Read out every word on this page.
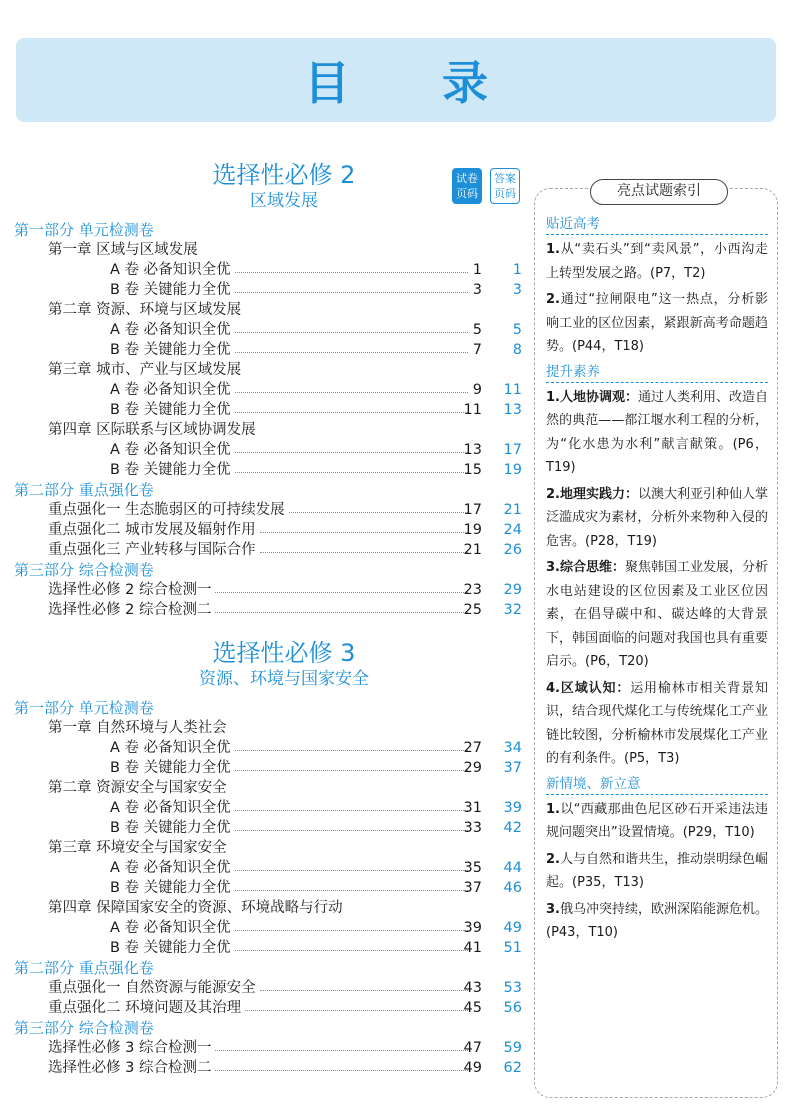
目 录
试卷页码
答案页码
选择性必修 2
区域发展
第一部分 单元检测卷
第一章 区域与区域发展
A 卷 必备知识全优	1	1
B 卷 关键能力全优	3	3
第二章 资源、环境与区域发展
A 卷 必备知识全优	5	5
B 卷 关键能力全优	7	8
第三章 城市、产业与区域发展
A 卷 必备知识全优	9	11
B 卷 关键能力全优	11	13
第四章 区际联系与区域协调发展
A 卷 必备知识全优	13	17
B 卷 关键能力全优	15	19
第二部分 重点强化卷
重点强化一 生态脆弱区的可持续发展	17	21
重点强化二 城市发展及辐射作用	19	24
重点强化三 产业转移与国际合作	21	26
第三部分 综合检测卷
选择性必修 2 综合检测一	23	29
选择性必修 2 综合检测二	25	32
选择性必修 3
资源、环境与国家安全
第一部分 单元检测卷
第一章 自然环境与人类社会
A 卷 必备知识全优	27	34
B 卷 关键能力全优	29	37
第二章 资源安全与国家安全
A 卷 必备知识全优	31	39
B 卷 关键能力全优	33	42
第三章 环境安全与国家安全
A 卷 必备知识全优	35	44
B 卷 关键能力全优	37	46
第四章 保障国家安全的资源、环境战略与行动
A 卷 必备知识全优	39	49
B 卷 关键能力全优	41	51
第二部分 重点强化卷
重点强化一 自然资源与能源安全	43	53
重点强化二 环境问题及其治理	45	56
第三部分 综合检测卷
选择性必修 3 综合检测一	47	59
选择性必修 3 综合检测二	49	62
亮点试题索引
贴近高考
1.从“卖石头”到“卖风景”，小西沟走上转型发展之路。(P7，T2)
2.通过“拉闸限电”这一热点，分析影响工业的区位因素，紧跟新高考命题趋势。(P44，T18)
提升素养
1.人地协调观：通过人类利用、改造自然的典范——都江堰水利工程的分析，为“化水患为水利”献言献策。(P6，T19)
2.地理实践力：以澳大利亚引种仙人掌泛滥成灾为素材，分析外来物种入侵的危害。(P28，T19)
3.综合思维：聚焦韩国工业发展，分析水电站建设的区位因素及工业区位因素，在倡导碳中和、碳达峰的大背景下，韩国面临的问题对我国也具有重要启示。(P6，T20)
4.区域认知：运用榆林市相关背景知识，结合现代煤化工与传统煤化工产业链比较图，分析榆林市发展煤化工产业的有利条件。(P5，T3)
新情境、新立意
1.以“西藏那曲色尼区砂石开采违法违规问题突出”设置情境。(P29，T10)
2.人与自然和谐共生，推动崇明绿色崛起。(P35，T13)
3.俄乌冲突持续，欧洲深陷能源危机。(P43，T10)
